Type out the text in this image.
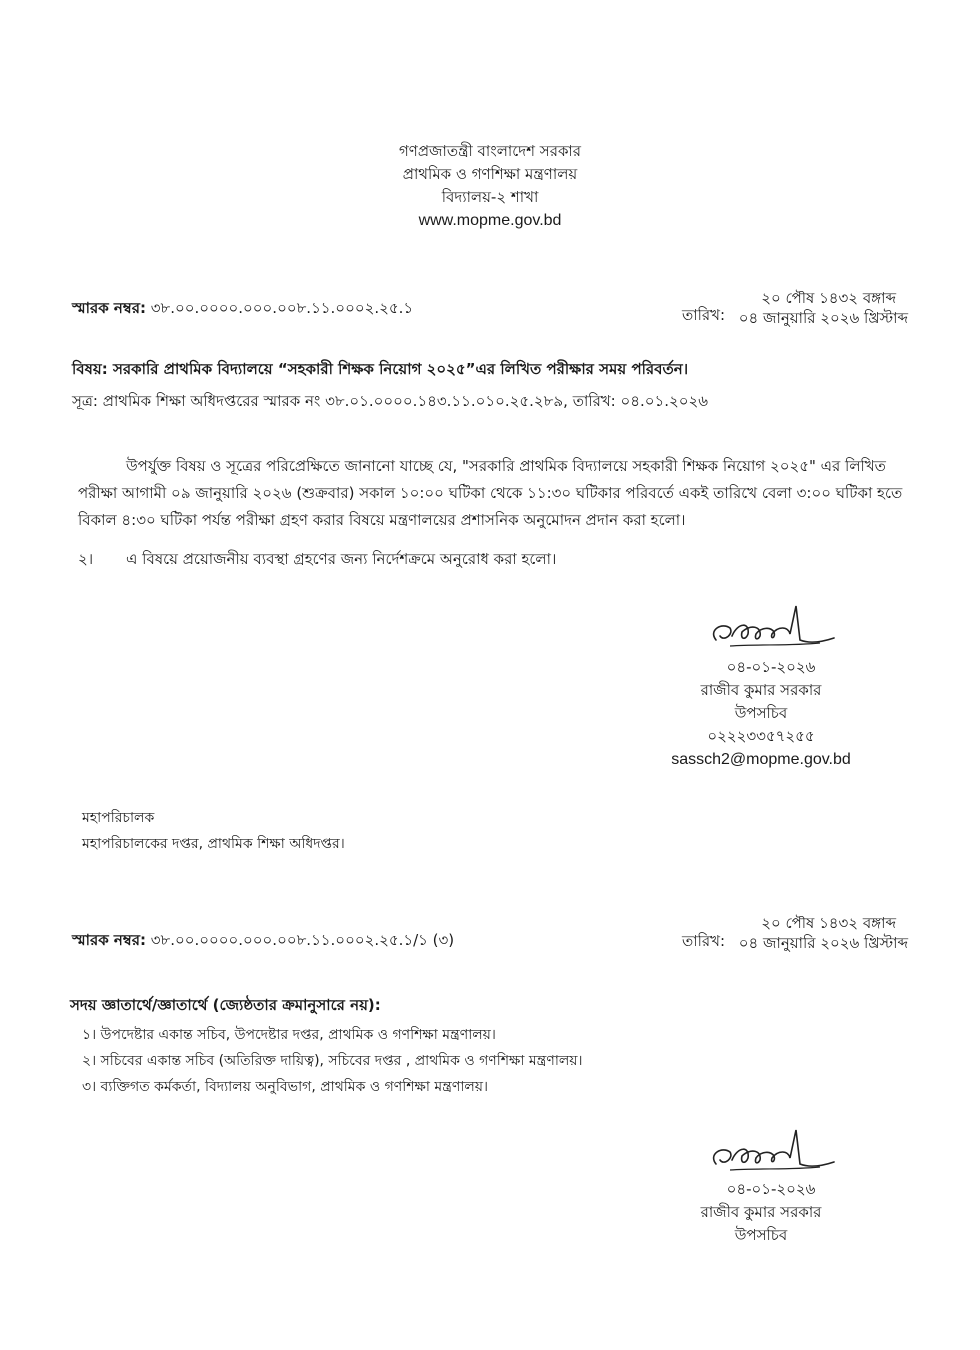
গণপ্রজাতন্ত্রী বাংলাদেশ সরকার
প্রাথমিক ও গণশিক্ষা মন্ত্রণালয়
বিদ্যালয়-২ শাখা
www.mopme.gov.bd
স্মারক নম্বর: ৩৮.০০.০০০০.০০০.০০৮.১১.০০০২.২৫.১	তারিখ:
২০ পৌষ ১৪৩২ বঙ্গাব্দ
০৪ জানুয়ারি ২০২৬ খ্রিস্টাব্দ
বিষয়: সরকারি প্রাথমিক বিদ্যালয়ে “সহকারী শিক্ষক নিয়োগ ২০২৫”এর লিখিত পরীক্ষার সময় পরিবর্তন।
সূত্র: প্রাথমিক শিক্ষা অধিদপ্তরের স্মারক নং ৩৮.০১.০০০০.১৪৩.১১.০১০.২৫.২৮৯, তারিখ: ০৪.০১.২০২৬
উপর্যুক্ত বিষয় ও সূত্রের পরিপ্রেক্ষিতে জানানো যাচ্ছে যে, "সরকারি প্রাথমিক বিদ্যালয়ে সহকারী শিক্ষক নিয়োগ ২০২৫" এর লিখিত পরীক্ষা আগামী ০৯ জানুয়ারি ২০২৬ (শুক্রবার) সকাল ১০:০০ ঘটিকা থেকে ১১:৩০ ঘটিকার পরিবর্তে একই তারিখে বেলা ৩:০০ ঘটিকা হতে বিকাল ৪:৩০ ঘটিকা পর্যন্ত পরীক্ষা গ্রহণ করার বিষয়ে মন্ত্রণালয়ের প্রশাসনিক অনুমোদন প্রদান করা হলো।
২। এ বিষয়ে প্রয়োজনীয় ব্যবস্থা গ্রহণের জন্য নির্দেশক্রমে অনুরোধ করা হলো।
০৪-০১-২০২৬
রাজীব কুমার সরকার
উপসচিব
০২২২৩৩৫৭২৫৫
sassch2@mopme.gov.bd
মহাপরিচালক
মহাপরিচালকের দপ্তর, প্রাথমিক শিক্ষা অধিদপ্তর।
স্মারক নম্বর: ৩৮.০০.০০০০.০০০.০০৮.১১.০০০২.২৫.১/১ (৩)	তারিখ:
২০ পৌষ ১৪৩২ বঙ্গাব্দ
০৪ জানুয়ারি ২০২৬ খ্রিস্টাব্দ
সদয় জ্ঞাতার্থে/জ্ঞাতার্থে (জ্যেষ্ঠতার ক্রমানুসারে নয়):
১। উপদেষ্টার একান্ত সচিব, উপদেষ্টার দপ্তর, প্রাথমিক ও গণশিক্ষা মন্ত্রণালয়।
২। সচিবের একান্ত সচিব (অতিরিক্ত দায়িত্ব), সচিবের দপ্তর , প্রাথমিক ও গণশিক্ষা মন্ত্রণালয়।
৩। ব্যক্তিগত কর্মকর্তা, বিদ্যালয় অনুবিভাগ, প্রাথমিক ও গণশিক্ষা মন্ত্রণালয়।
০৪-০১-২০২৬
রাজীব কুমার সরকার
উপসচিব
